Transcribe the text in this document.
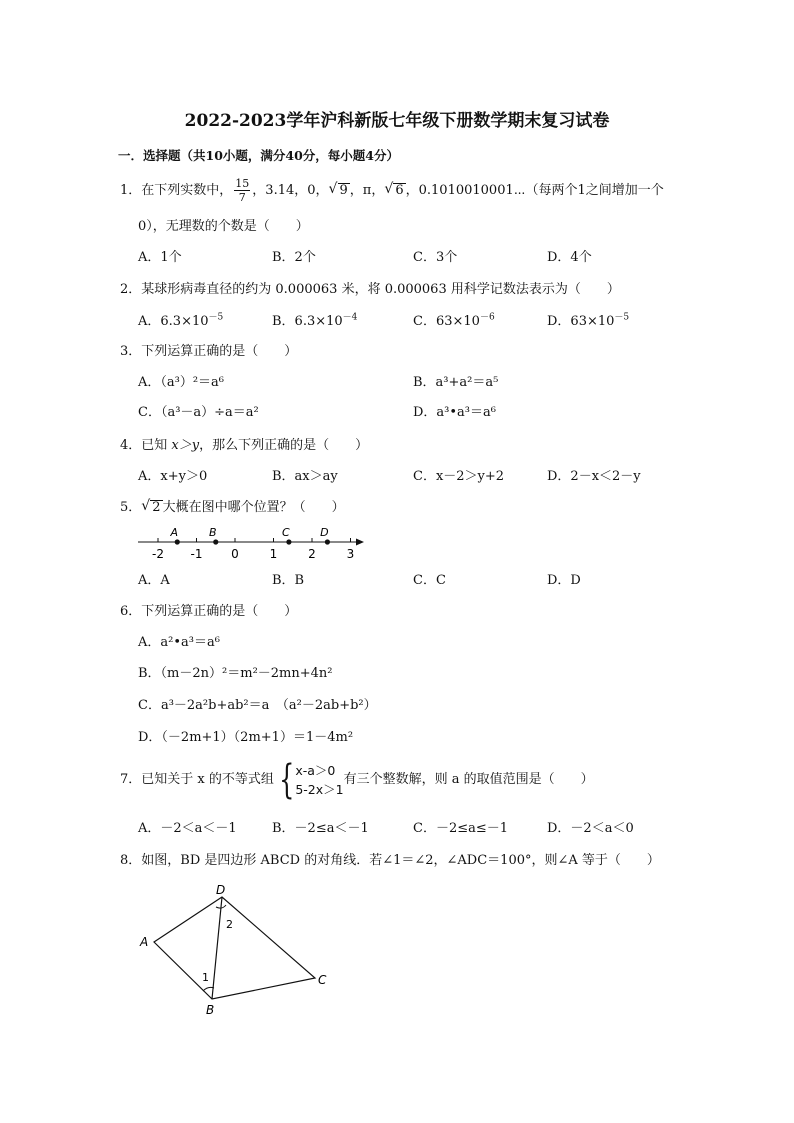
2022-2023学年沪科新版七年级下册数学期末复习试卷
一．选择题（共10小题，满分40分，每小题4分）
1．在下列实数中， $\frac{15}{7}$ ，3.14，0， √ 9 ，π， √ 6 ，0.1010010001⋯（每两个1之间增加一个
0），无理数的个数是（　　）
A．1个	B．2个	C．3个	D．4个
2．某球形病毒直径的约为 0.000063 米，将 0.000063 用科学记数法表示为（　　）
A．$6.3\times 10^{-5}$	B．$6.3\times 10^{-4}$	C．$63\times 10^{-6}$	D．$63\times 10^{-5}$
3．下列运算正确的是（　　）
A．（a³）²＝a⁶	B．a³+a²＝a⁵
C．（a³－a）÷a＝a²	D．a³•a³＝a⁶
4．已知 x＞y，那么下列正确的是（　　）
A．x+y＞0	B．ax＞ay	C．x－2＞y+2	D．2－x＜2－y
5． √ 2 大概在图中哪个位置？（　　）
-2 -1 0	1	2	3
A	B	C	D
A．A	B．B	C．C	D．D
6．下列运算正确的是（　　）
A．a²•a³＝a⁶
B．（m－2n）²＝m²－2mn+4n²
C．a³－2a²b+ab²＝a　（a²－2ab+b²）
D．（－2m+1）（2m+1）＝1－4m²
7．已知关于 x 的不等式组 { x-a＞0
5-2x＞1
有三个整数解，则 a 的取值范围是（　　）
A．－2＜a＜－1	B．－2≤a＜－1	C．－2≤a≤－1	D．－2＜a＜0
8．如图，BD 是四边形 ABCD 的对角线．若∠1＝∠2，∠ADC＝100°，则∠A 等于（　　）
D
A
B
C
1
2
